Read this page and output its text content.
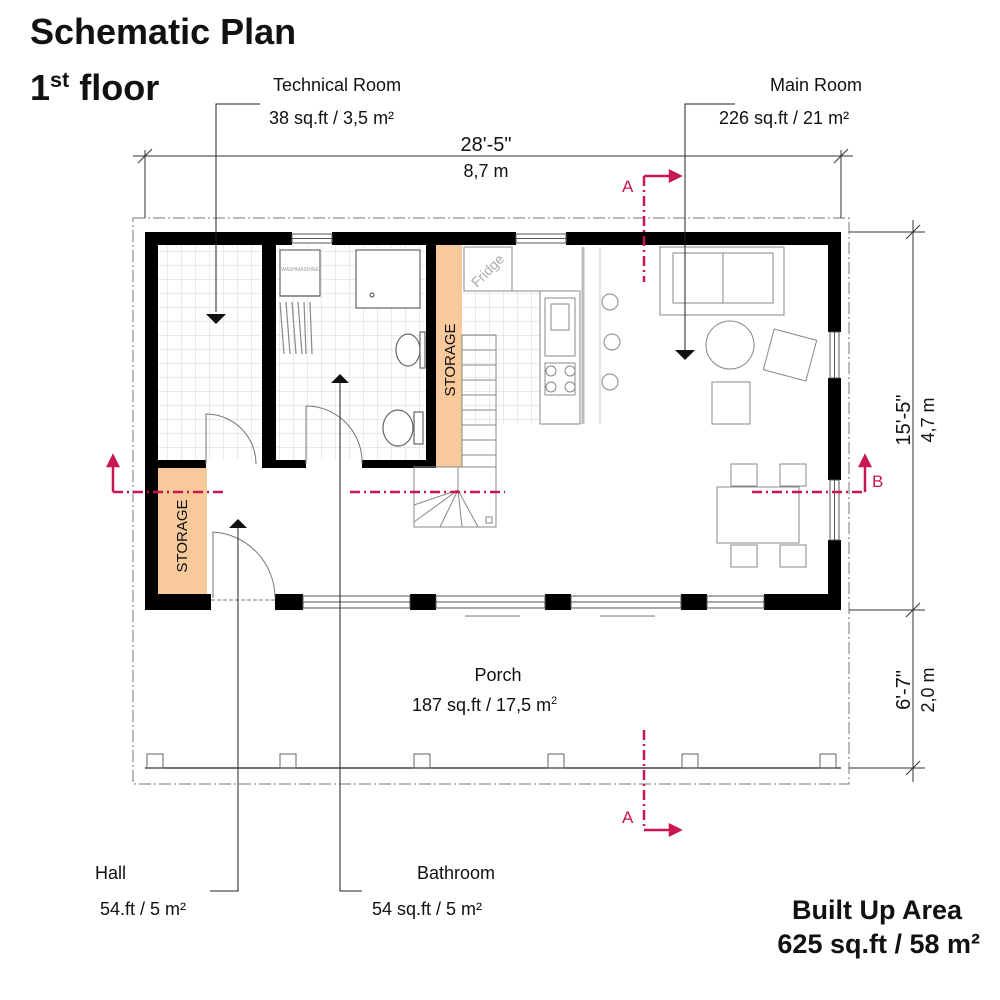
STORAGE
STORAGE
Fridge
WASHMASHINE
A
A
B
28'-5"
8,7 m
15'-5" 4,7 m
6'-7" 2,0 m
Schematic Plan
1st floor	Technical Room
38 sq.ft / 3,5 m²
Main Room
226 sq.ft / 21 m²
Porch
187 sq.ft / 17,5 $m^2$
Hall
54.ft / 5 m²
Bathroom
54 sq.ft / 5 m²	Built Up Area
625 sq.ft / 58 m²
